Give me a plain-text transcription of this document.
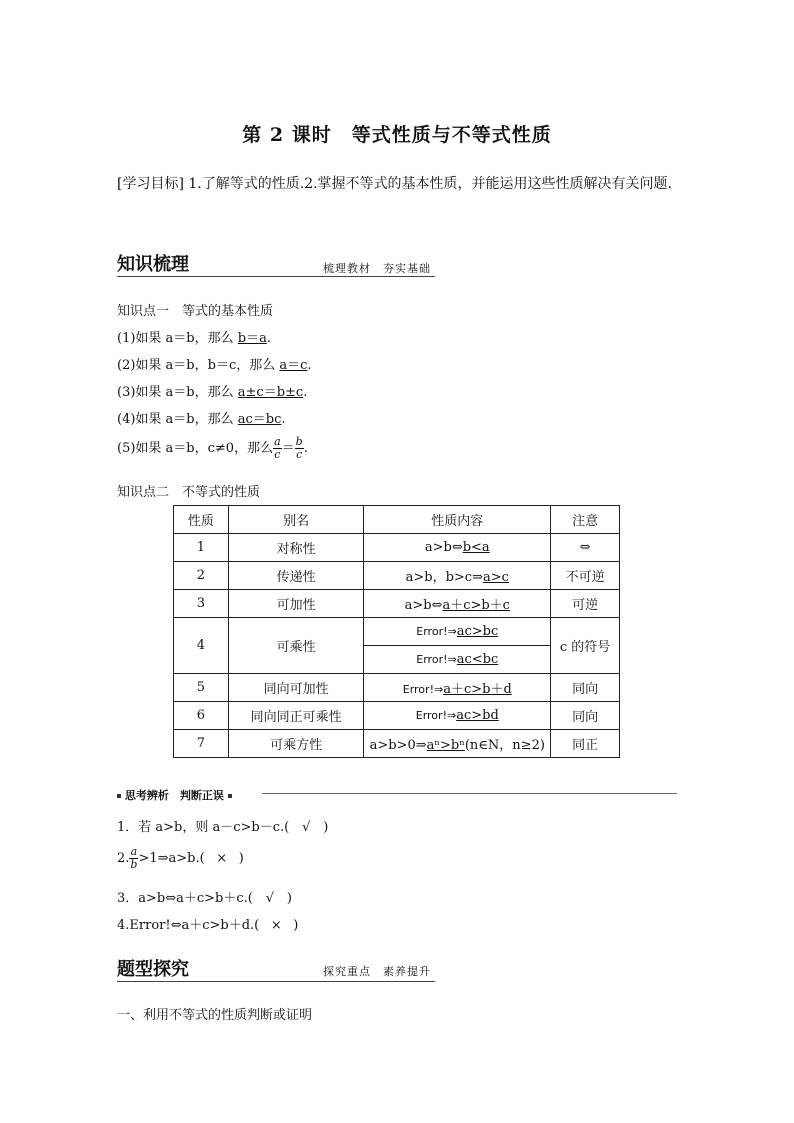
第 2 课时　等式性质与不等式性质
[学习目标] 1.了解等式的性质.2.掌握不等式的基本性质，并能运用这些性质解决有关问题.
知识梳理	梳理教材　夯实基础
知识点一　等式的基本性质
(1)如果 a＝b，那么 b＝a.
(2)如果 a＝b，b＝c，那么 a＝c.
(3)如果 a＝b，那么 a±c＝b±c.
(4)如果 a＝b，那么 ac＝bc.
(5)如果 a＝b，c≠0，那么 $\frac{a}{c} = \frac{b}{c}$ .
知识点二　不等式的性质
性质	别名	性质内容	注意
1	对称性	a>b⇔b<a	⇔
2	传递性	a>b，b>c⇒a>c	不可逆
3	可加性	a>b⇔a＋c>b＋c	可逆
4	可乘性	Error!⇒ac>bc	c 的符号
		Error!⇒ac<bc	
5	同向可加性	Error!⇒a＋c>b＋d	同向
6	同向同正可乘性	Error!⇒ac>bd	同向
7	可乘方性	a>b>0⇒aⁿ>bⁿ(n∈N，n≥2)	同正
思考辨析　判断正误
1．若 a>b，则 a－c>b－c.( √ )
2. $\frac{a}{b}$ >1⇒a>b.( × )
3．a>b⇔a＋c>b＋c.( √ )
4.Error!⇔a＋c>b＋d.( × )
题型探究	探究重点　素养提升
一、利用不等式的性质判断或证明
